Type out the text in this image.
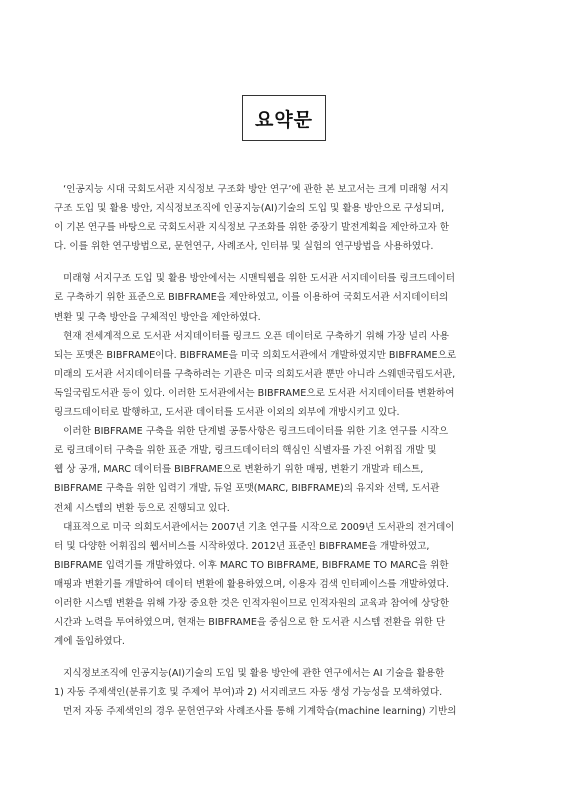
요약문
‘인공지능 시대 국회도서관 지식정보 구조화 방안 연구’에 관한 본 보고서는 크게 미래형 서지
구조 도입 및 활용 방안, 지식정보조직에 인공지능(AI)기술의 도입 및 활용 방안으로 구성되며,
이 기본 연구를 바탕으로 국회도서관 지식정보 구조화를 위한 중장기 발전계획을 제안하고자 한
다. 이를 위한 연구방법으로, 문헌연구, 사례조사, 인터뷰 및 실험의 연구방법을 사용하였다.
미래형 서지구조 도입 및 활용 방안에서는 시맨틱웹을 위한 도서관 서지데이터를 링크드데이터
로 구축하기 위한 표준으로 BIBFRAME을 제안하였고, 이를 이용하여 국회도서관 서지데이터의
변환 및 구축 방안을 구체적인 방안을 제안하였다.
현재 전세계적으로 도서관 서지데이터를 링크드 오픈 데이터로 구축하기 위해 가장 널리 사용
되는 포맷은 BIBFRAME이다. BIBFRAME을 미국 의회도서관에서 개발하였지만 BIBFRAME으로
미래의 도서관 서지데이터를 구축하려는 기관은 미국 의회도서관 뿐만 아니라 스웨덴국립도서관,
독일국립도서관 등이 있다. 이러한 도서관에서는 BIBFRAME으로 도서관 서지데이터를 변환하여
링크드데이터로 발행하고, 도서관 데이터를 도서관 이외의 외부에 개방시키고 있다.
이러한 BIBFRAME 구축을 위한 단계별 공통사항은 링크드데이터를 위한 기초 연구를 시작으
로 링크데이터 구축을 위한 표준 개발, 링크드데이터의 핵심인 식별자를 가진 어휘집 개발 및
웹 상 공개, MARC 데이터를 BIBFRAME으로 변환하기 위한 매핑, 변환기 개발과 테스트,
BIBFRAME 구축을 위한 입력기 개발, 듀얼 포맷(MARC, BIBFRAME)의 유지와 선택, 도서관
전체 시스템의 변환 등으로 진행되고 있다.
대표적으로 미국 의회도서관에서는 2007년 기초 연구를 시작으로 2009년 도서관의 전거데이
터 및 다양한 어휘집의 웹서비스를 시작하였다. 2012년 표준인 BIBFRAME을 개발하였고,
BIBFRAME 입력기를 개발하였다. 이후 MARC TO BIBFRAME, BIBFRAME TO MARC을 위한
매핑과 변환기를 개발하여 데이터 변환에 활용하였으며, 이용자 검색 인터페이스를 개발하였다.
이러한 시스템 변환을 위해 가장 중요한 것은 인적자원이므로 인적자원의 교육과 참여에 상당한
시간과 노력을 투여하였으며, 현재는 BIBFRAME을 중심으로 한 도서관 시스템 전환을 위한 단
계에 돌입하였다.
지식정보조직에 인공지능(AI)기술의 도입 및 활용 방안에 관한 연구에서는 AI 기술을 활용한
1) 자동 주제색인(분류기호 및 주제어 부여)과 2) 서지레코드 자동 생성 가능성을 모색하였다.
먼저 자동 주제색인의 경우 문헌연구와 사례조사를 통해 기계학습(machine learning) 기반의
